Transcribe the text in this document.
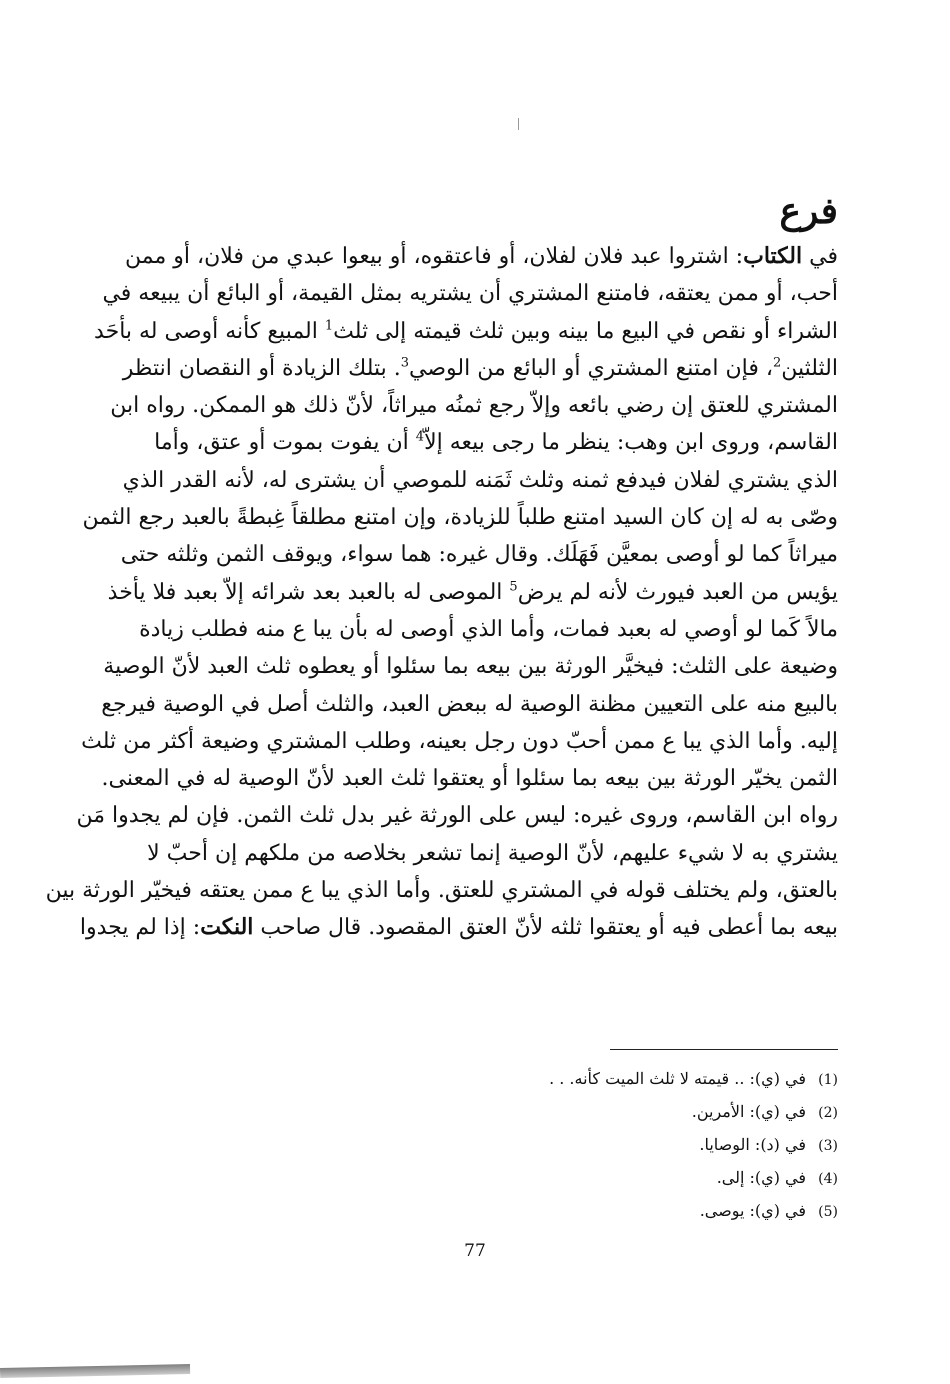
فرع
في الكتاب: اشتروا عبد فلان لفلان، أو فاعتقوه، أو بيعوا عبدي من فلان، أو ممن
أحب، أو ممن يعتقه، فامتنع المشتري أن يشتريه بمثل القيمة، أو البائع أن يبيعه في
الشراء أو نقص في البيع ما بينه وبين ثلث قيمته إلى ثلث$^1$ المبيع كأنه أوصى له بأحَد
الثلثين$^2$، فإن امتنع المشتري أو البائع من الوصي$^3$. بتلك الزيادة أو النقصان انتظر
المشتري للعتق إن رضي بائعه وإلاّ رجع ثمنُه ميراثاً، لأنّ ذلك هو الممكن. رواه ابن
القاسم، وروى ابن وهب: ينظر ما رجى بيعه إلاّ$^4$ أن يفوت بموت أو عتق، وأما
الذي يشتري لفلان فيدفع ثمنه وثلث ثَمَنه للموصي أن يشترى له، لأنه القدر الذي
وصّى به له إن كان السيد امتنع طلباً للزيادة، وإن امتنع مطلقاً غِبطةً بالعبد رجع الثمن
ميراثاً كما لو أوصى بمعيَّن فَهَلَك. وقال غيره: هما سواء، ويوقف الثمن وثلثه حتى
يؤيس من العبد فيورث لأنه لم يرض$^5$ الموصى له بالعبد بعد شرائه إلاّ بعبد فلا يأخذ
مالاً كَما لو أوصي له بعبد فمات، وأما الذي أوصى له بأن يبا ع منه فطلب زيادة
وضيعة على الثلث: فيخيَّر الورثة بين بيعه بما سئلوا أو يعطوه ثلث العبد لأنّ الوصية
بالبيع منه على التعيين مظنة الوصية له ببعض العبد، والثلث أصل في الوصية فيرجع
إليه. وأما الذي يبا ع ممن أحبّ دون رجل بعينه، وطلب المشتري وضيعة أكثر من ثلث
الثمن يخيّر الورثة بين بيعه بما سئلوا أو يعتقوا ثلث العبد لأنّ الوصية له في المعنى.
رواه ابن القاسم، وروى غيره: ليس على الورثة غير بدل ثلث الثمن. فإن لم يجدوا مَن
يشتري به لا شيء عليهم، لأنّ الوصية إنما تشعر بخلاصه من ملكهم إن أحبّ لا
بالعتق، ولم يختلف قوله في المشتري للعتق. وأما الذي يبا ع ممن يعتقه فيخيّر الورثة بين
بيعه بما أعطى فيه أو يعتقوا ثلثه لأنّ العتق المقصود. قال صاحب النكت: إذا لم يجدوا
(1)في (ي): .. قيمته لا ثلث الميت كأنه. . .
(2)في (ي): الأمرين.
(3)في (د): الوصايا.
(4)في (ي): إلى.
(5)في (ي): يوصى.
77
